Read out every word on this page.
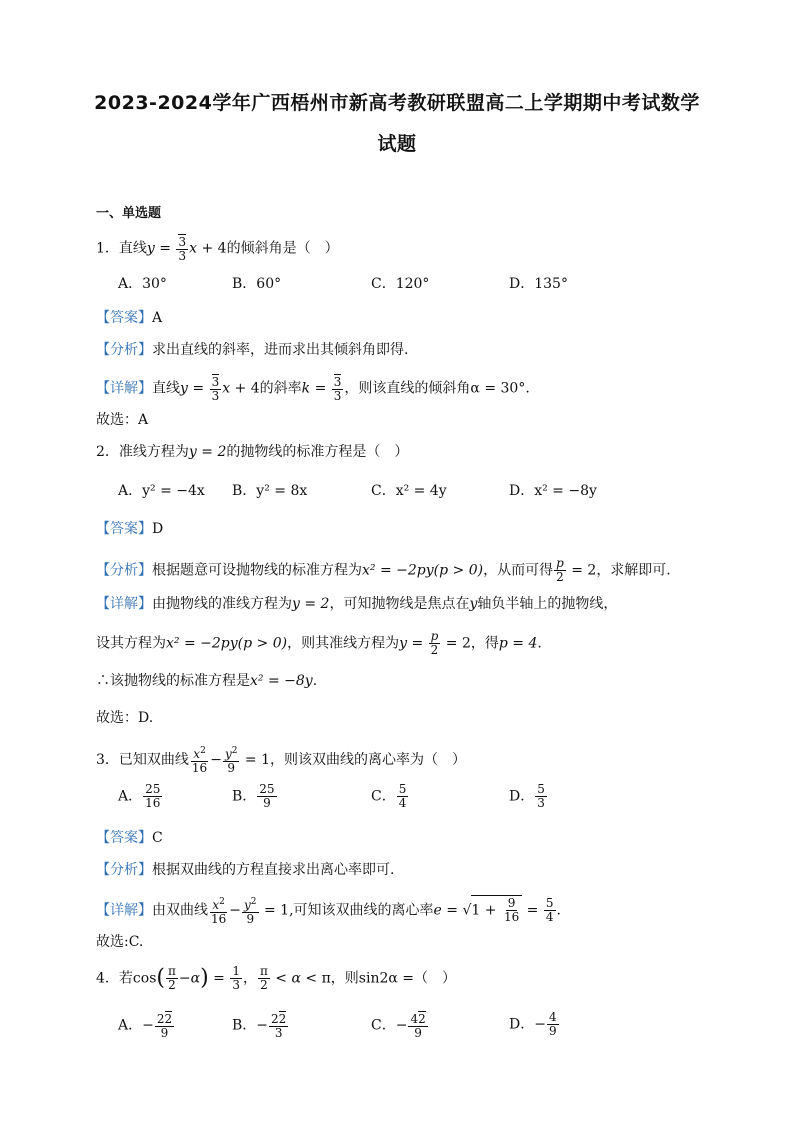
2023-2024学年广西梧州市新高考教研联盟高二上学期期中考试数学
试题
一、单选题
1．直线$y = \frac{3}{3}$ x + 4的倾斜角是（　）
A．30°	B．60°	C．120°	D．135°
【答案】A
【分析】求出直线的斜率，进而求出其倾斜角即得.
【详解】直线$y = \frac{3}{3}$ x + 4的斜率$k = \frac{3}{3}$ ，则该直线的倾斜角α = 30°.
故选：A
2．准线方程为y = 2的抛物线的标准方程是（　）
A．y² = −4x B．y² = 8x	C．x² = 4y	D．x² = −8y
【答案】D
【分析】根据题意可设抛物线的标准方程为x² = −2py(p > 0)，从而可得 $\frac{p}{2} = 2$，求解即可.
【详解】由抛物线的准线方程为y = 2，可知抛物线是焦点在y轴负半轴上的抛物线，
设其方程为x² = −2py(p > 0)，则其准线方程为$y = \frac{p}{2} = 2$，得p = 4.
∴该抛物线的标准方程是x² = −8y.
故选：D.
3．已知双曲线 $\frac{x^2}{16} - \frac{y^2}{9} = 1$，则该双曲线的离心率为（　）
A． $\frac{25}{16}$	B． $\frac{25}{9}$	C． $\frac{5}{4}$	D． $\frac{5}{3}$
【答案】C
【分析】根据双曲线的方程直接求出离心率即可.
【详解】由双曲线 $\frac{x^2}{16} - \frac{y^2}{9} = 1$,可知该双曲线的离心率$e = √1 + \frac{9}{16} = \frac{5}{4}$ .
故选:C.
4．若$\cos( \frac{\pi}{2} -\alpha) = \frac{1}{3}$ ， $\frac{\pi}{2} < \alpha < \pi$，则sin2α =（　）
A．− $\frac{22}{9}$	B．− $\frac{22}{3}$	C．− $\frac{42}{9}$	D．− $\frac{4}{9}$
